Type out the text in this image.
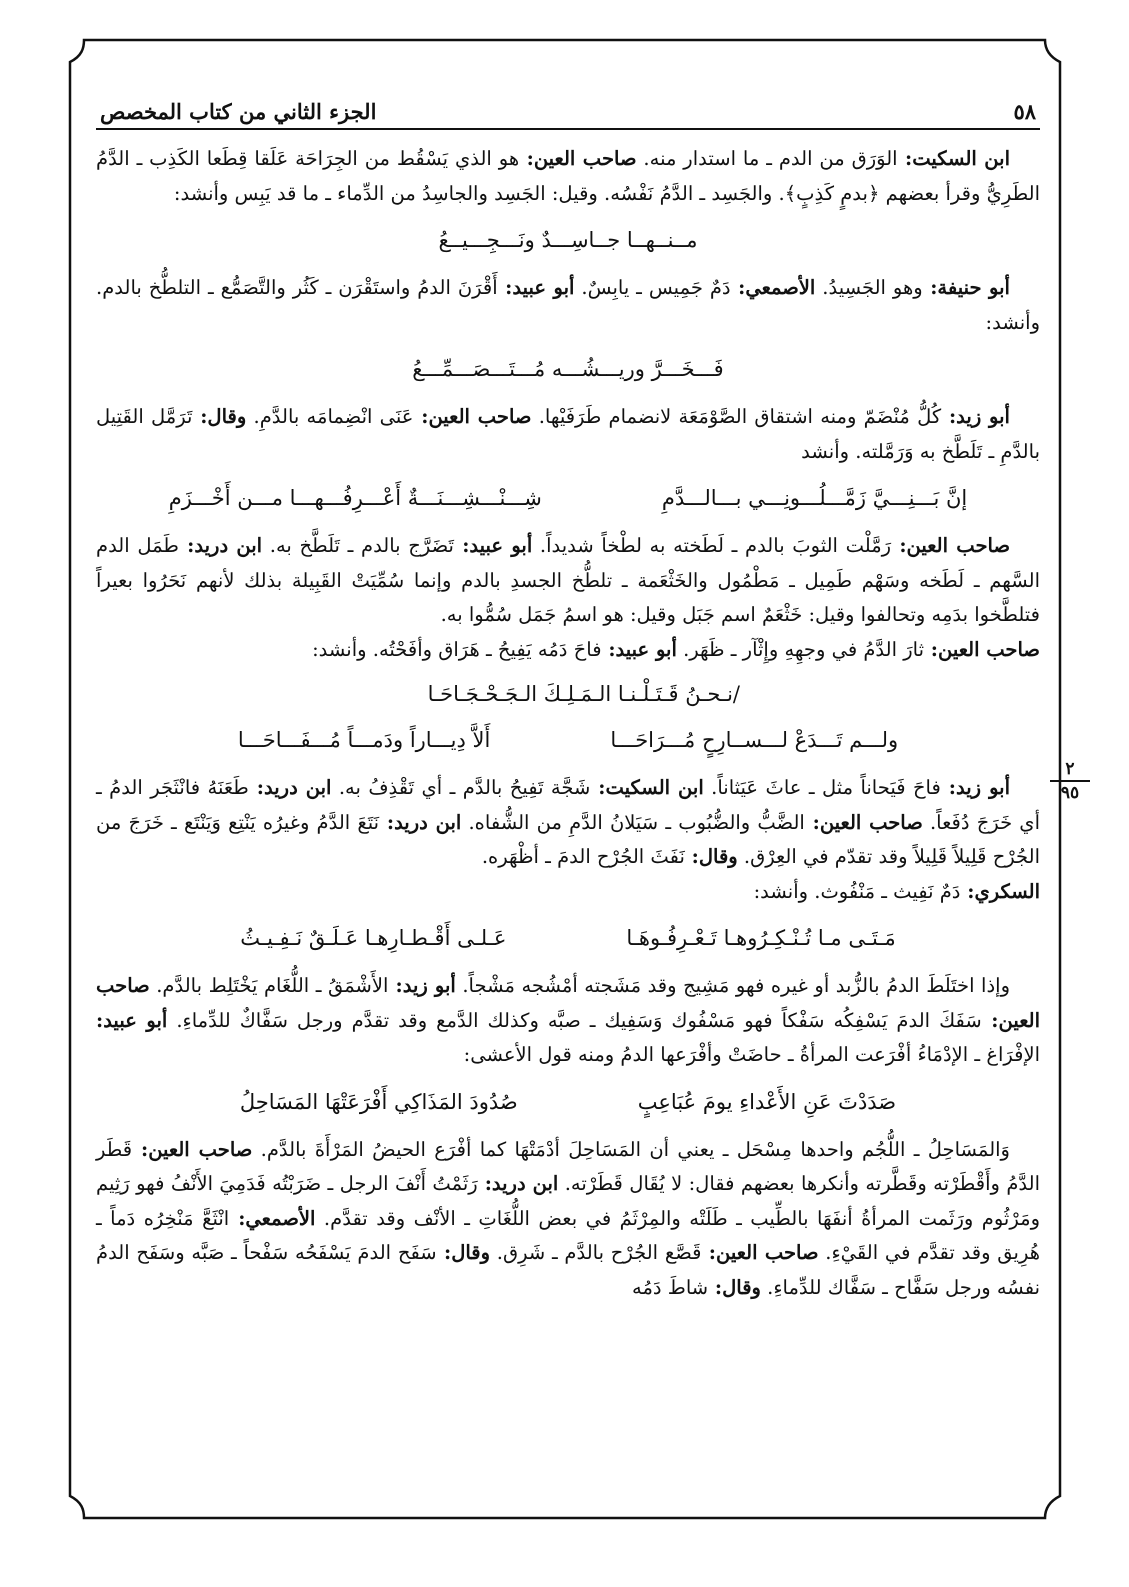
٥٨
الجزء الثاني من كتاب المخصص

ابن السكيت: الوَرَق من الدم ـ ما استدار منه. صاحب العين: هو الذي يَسْقُط من الجِرَاحَة عَلَقا قِطَعا الكَذِب ـ الدَّمُ الطَرِيُّ وقرأ بعضهم ﴿بدمٍ كَذِبٍ﴾. والجَسِد ـ الدَّمُ نَفْسُه. وقيل: الجَسِد والجاسِدُ من الدِّماء ـ ما قد يَبِس وأنشد:

مــنــهــا جــاسِـــدٌ ونَـــجِـــيــعُ

أبو حنيفة: وهو الجَسِيدُ. الأصمعي: دَمٌ جَمِيس ـ يابِسٌ. أبو عبيد: أَقْرَنَ الدمُ واستَقْرَن ـ كَثُر والتَّصَمُّع ـ التلطُّخ بالدم. وأنشد:

فَـــخَـــرَّ وريـــشُـــه مُـــتَـــصَـــمِّـــعُ

أبو زيد: كُلُّ مُنْضَمّ ومنه اشتقاق الصَّوْمَعَة لانضمام طَرَفَيْها. صاحب العين: عَنَى انْضِمامَه بالدَّمِ. وقال: تَرَمَّل القَتِيل بالدَّمِ ـ تَلَطَّخ به وَرَمَّلته. وأنشد

إنَّ بَـــنِـــيَّ زَمَّـــلُـــونِـــي بـــالـــدَّمِ
شِـــنْـــشِـــنَـــةٌ أَعْـــرِفُـــهـــا مـــن أَخْـــزَمِ

صاحب العين: رَمَّلْت الثوبَ بالدم ـ لَطَخته به لطْخاً شديداً. أبو عبيد: تَضَرَّج بالدم ـ تَلَطَّخ به. ابن دريد: طَمَل الدم السَّهم ـ لَطَخه وسَهْم طَمِيل ـ مَطْمُول والخَثْعَمة ـ تلطُّخ الجسدِ بالدم وإنما سُمِّيَتْ القَبِيلة بذلك لأنهم نَحَرُوا بعيراً فتلطَّخوا بدَمِه وتحالفوا وقيل: خَثْعَمٌ اسم جَبَل وقيل: هو اسمُ جَمَل سُمُّوا به.

صاحب العين: ثارَ الدَّمُ في وجهِهِ وإِثْآر ـ ظَهَر. أبو عبيد: فاحَ دَمُه يَفِيحُ ـ هَرَاق وأفَحْتُه. وأنشد:

/نـحـنُ قَـتَـلْـنـا الـمَـلِـكَ الـجَـحْـجَـاحَـا
ولـــم تَـــدَعْ لـــســارِحٍ مُـــرَاحَـــا
أَلاَّ دِيـــاراً ودَمـــاً مُـــفَـــاحَـــا

أبو زيد: فاحَ فَيَحاناً مثل ـ عاثَ عَيَثاناً. ابن السكيت: شَجَّة تَفِيحُ بالدَّم ـ أي تَقْذِفُ به. ابن دريد: طَعَنَهُ فانْثَجَر الدمُ ـ أي خَرَجَ دُفَعاً. صاحب العين: الضَّبُّ والضُّبُوب ـ سَيَلانُ الدَّمِ من الشُّفاه. ابن دريد: نَتَعَ الدَّمُ وغيرُه يَنْتِع وَيَنْتَع ـ خَرَجَ من الجُرْح قَلِيلاً قَلِيلاً وقد تقدّم في العِرْق. وقال: نَفَثَ الجُرْح الدمَ ـ أظْهَره.

السكري: دَمٌ نَفِيث ـ مَنْفُوث. وأنشد:

مَـتَـى مـا تُـنْـكِـرُوهـا تَـعْـرِفُـوهَـا
عَـلـى أَقْـطـارِهـا عَـلَـقٌ نَـفِـيـثُ

وإذا اختَلَطَ الدمُ بالزُّبد أو غيره فهو مَشِيج وقد مَشَجته أمْشُجه مَشْجاً. أبو زيد: الأَشْمَقُ ـ اللُّغَام يَخْتَلِط بالدَّم. صاحب العين: سَفَكَ الدمَ يَسْفِكُه سَفْكاً فهو مَسْفُوك وَسَفِيك ـ صبَّه وكذلك الدَّمع وقد تقدَّم ورجل سَفَّاكٌ للدِّماءِ. أبو عبيد: الإفْرَاغ ـ الإدْمَاءُ أفْرَعت المرأةُ ـ حاضَتْ وأفْرَعها الدمُ ومنه قول الأعشى:

صَدَدْتَ عَنِ الأَعْداءِ يومَ عُبَاعِبٍ
صُدُودَ المَذَاكِي أَفْرَعَتْهَا المَسَاحِلُ

وَالمَسَاحِلُ ـ اللُّجُم واحدها مِسْحَل ـ يعني أن المَسَاحِلَ أدْمَتْهَا كما أفْرَع الحيضُ المَرْأَةَ بالدَّم. صاحب العين: قَطَر الدَّمُ وأَقْطَرْته وقَطَّرته وأنكرها بعضهم فقال: لا يُقَال قَطَرْته. ابن دريد: رَثَمْتُ أَنْفَ الرجل ـ ضَرَبْتُه فَدَمِيَ الأَنْفُ فهو رَثِيم ومَرْثُوم ورَثَمت المرأةُ أنفَهَا بالطِّيب ـ طَلَتْه والمِرْثَمُ في بعض اللُّغَاتِ ـ الأنْف وقد تقدَّم. الأصمعي: انْثَعَّ مَنْخِرُه دَماً ـ هُرِيق وقد تقدَّم في القَيْءِ. صاحب العين: قَصَّع الجُرْح بالدَّم ـ شَرِق. وقال: سَفَح الدمَ يَسْفَحُه سَفْحاً ـ صَبَّه وسَفَح الدمُ نفسُه ورجل سَفَّاح ـ سَفَّاك للدِّماءِ. وقال: شاطَ دَمُه

٢
٩٥
